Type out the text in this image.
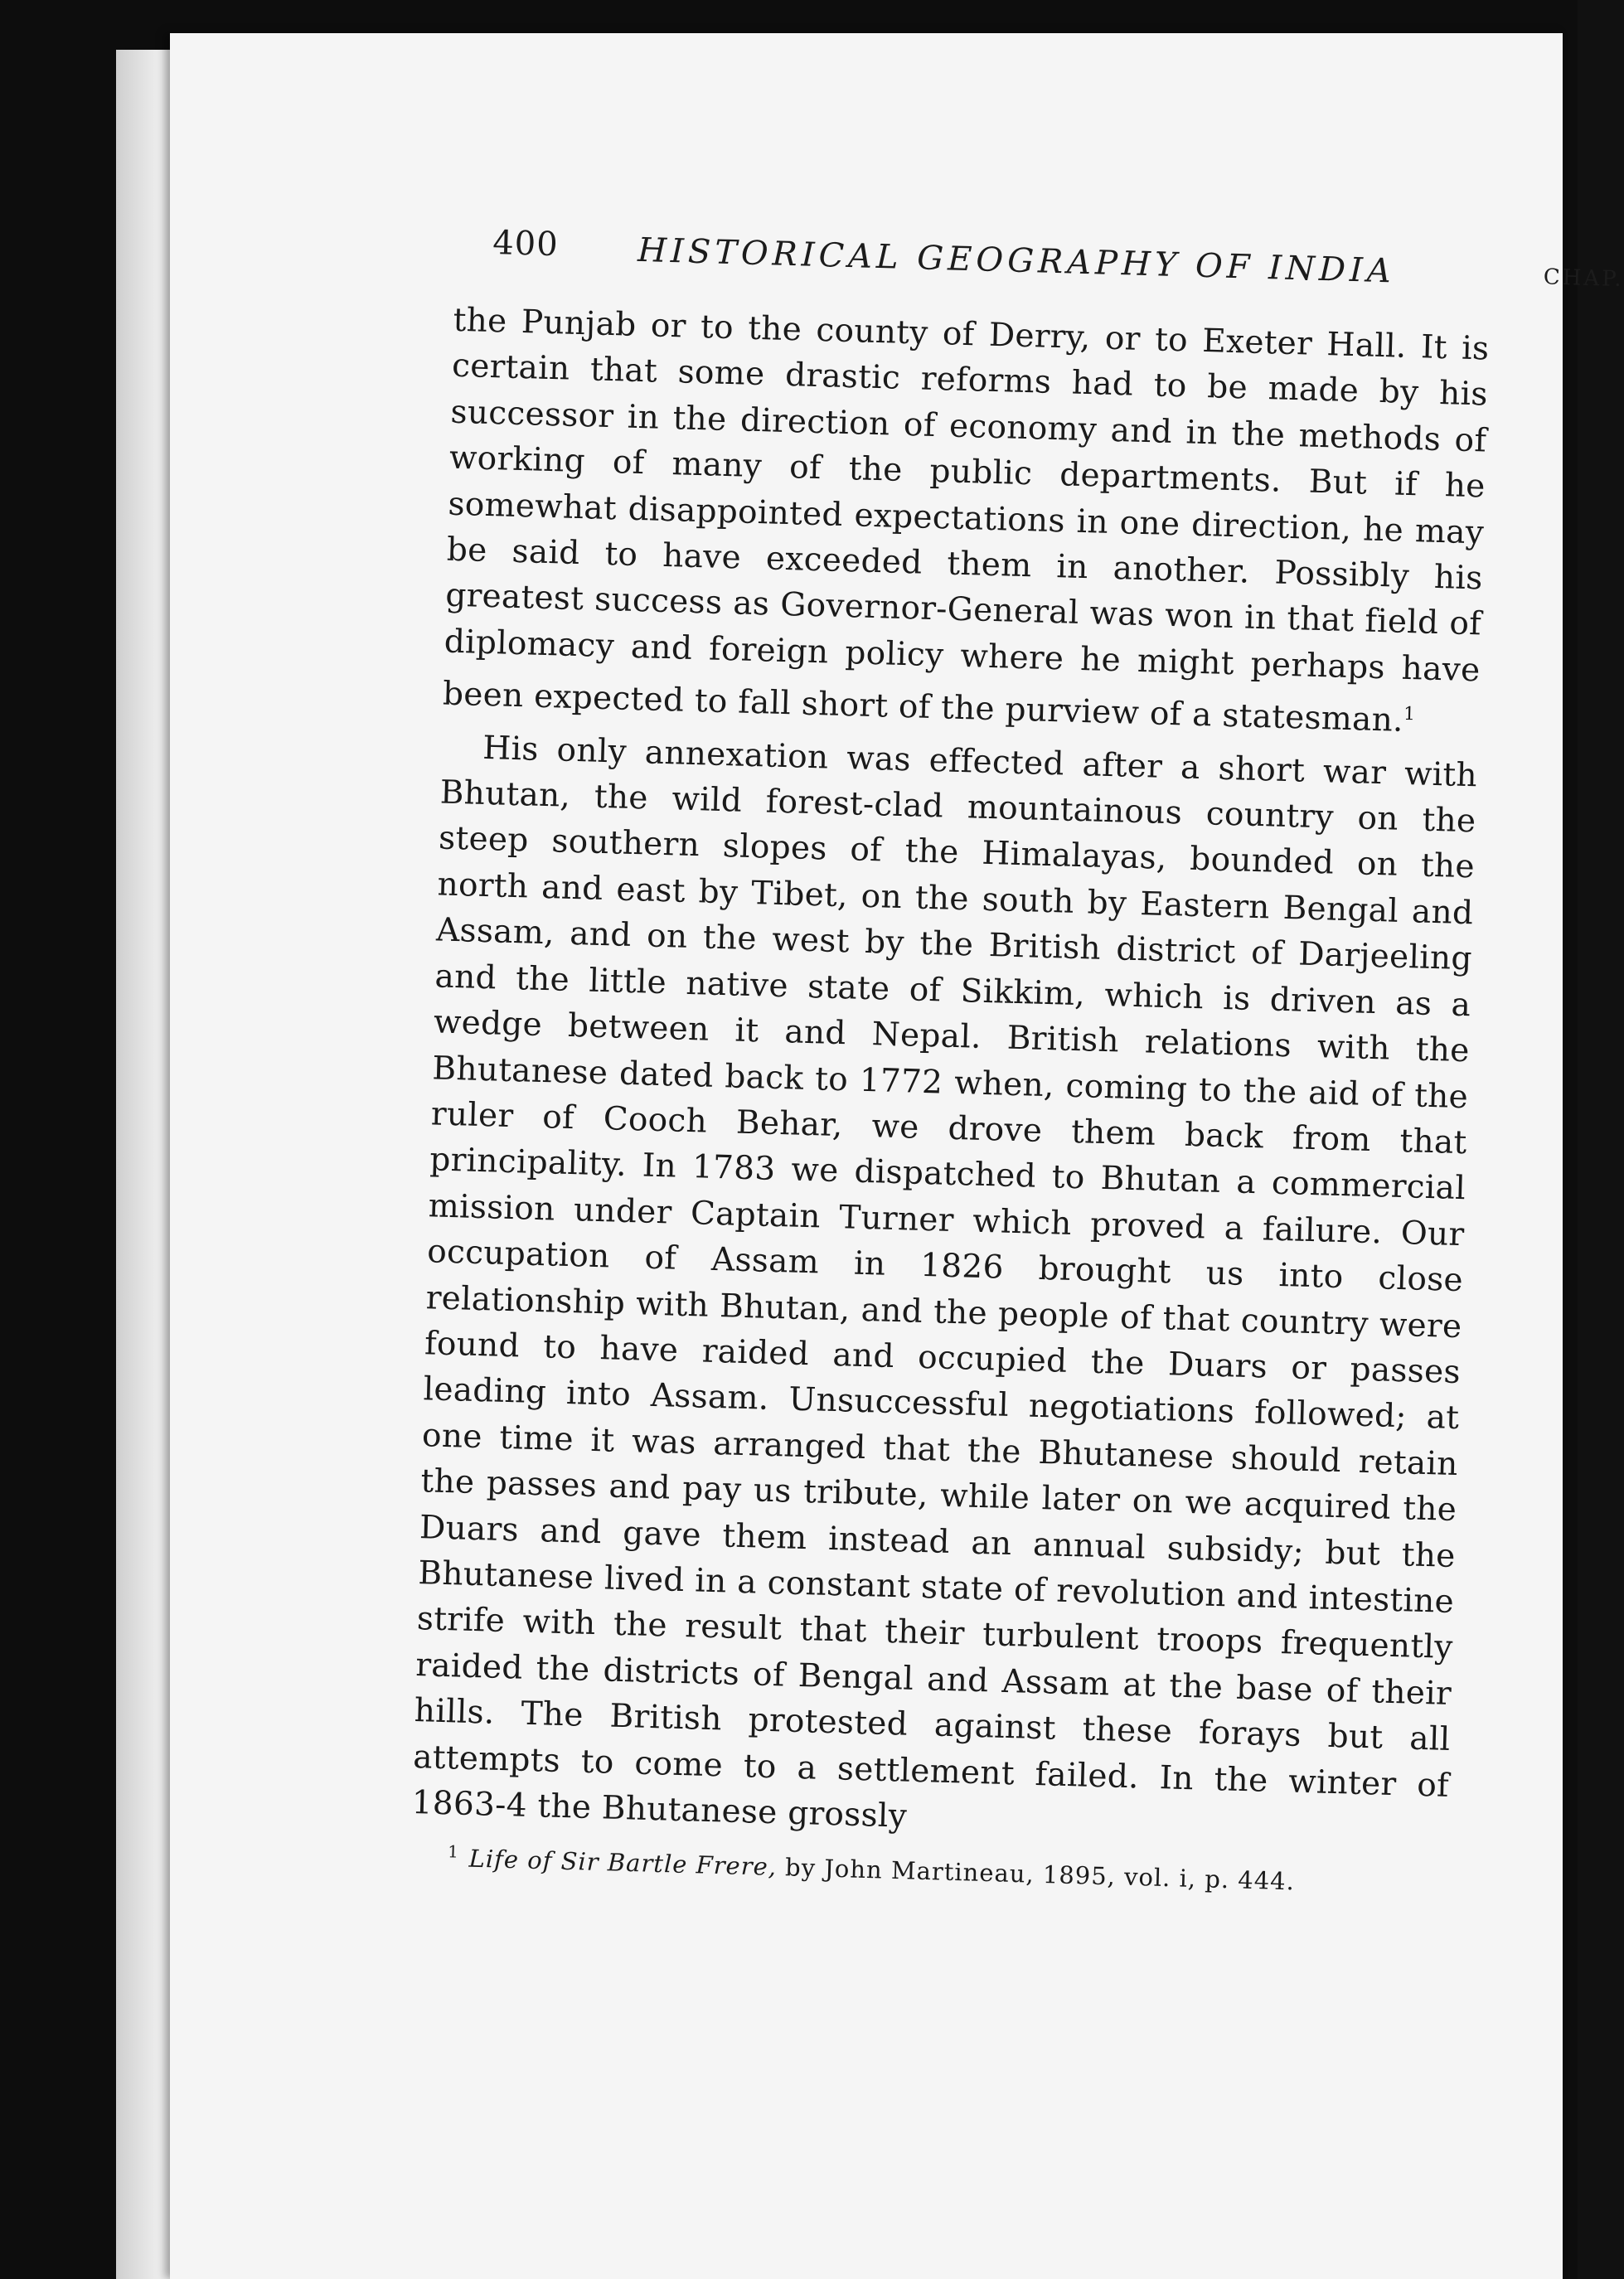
400 HISTORICAL GEOGRAPHY OF INDIA	CHAP.

the Punjab or to the county of Derry, or to Exeter Hall. It is certain that some drastic reforms had to be made by his successor in the direction of economy and in the methods of working of many of the public departments. But if he somewhat disappointed expectations in one direction, he may be said to have exceeded them in another. Possibly his greatest success as Governor-General was won in that field of diplomacy and foreign policy where he might perhaps have been expected to fall short of the purview of a statesman.$^1$

His only annexation was effected after a short war with Bhutan, the wild forest-clad mountainous country on the steep southern slopes of the Himalayas, bounded on the north and east by Tibet, on the south by Eastern Bengal and Assam, and on the west by the British district of Darjeeling and the little native state of Sikkim, which is driven as a wedge between it and Nepal. British relations with the Bhutanese dated back to 1772 when, coming to the aid of the ruler of Cooch Behar, we drove them back from that principality. In 1783 we dispatched to Bhutan a commercial mission under Captain Turner which proved a failure. Our occupation of Assam in 1826 brought us into close relationship with Bhutan, and the people of that country were found to have raided and occupied the Duars or passes leading into Assam. Unsuccessful negotiations followed; at one time it was arranged that the Bhutanese should retain the passes and pay us tribute, while later on we acquired the Duars and gave them instead an annual subsidy; but the Bhutanese lived in a constant state of revolution and intestine strife with the result that their turbulent troops frequently raided the districts of Bengal and Assam at the base of their hills. The British protested against these forays but all attempts to come to a settlement failed. In the winter of 1863-4 the Bhutanese grossly

$^1$ Life of Sir Bartle Frere, by John Martineau, 1895, vol. i, p. 444.
